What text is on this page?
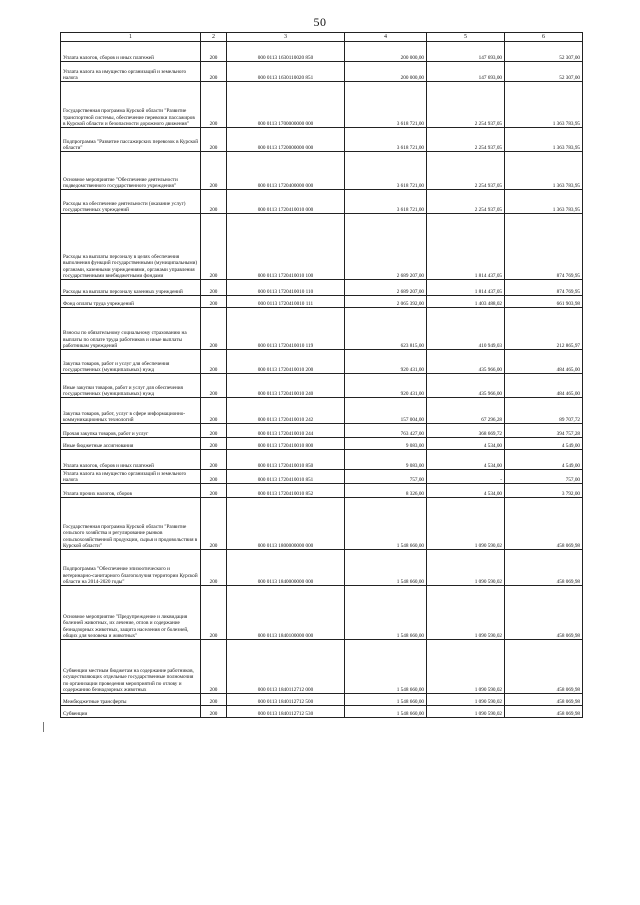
50
1	2	3	4	5	6
Уплата налогов, сборов и иных платежей	200	000 0113 1630110020 850	200 000,00	147 693,00	52 307,00
Уплата налога на имущество организаций и земельного налога	200	000 0113 1630110020 851	200 000,00	147 693,00	52 307,00
Государственная программа Курской области "Развитие транспортной системы, обеспечение перевозки пассажиров в Курской области и безопасности дорожного движения"	200	000 0113 1700000000 000	3 618 721,00	2 254 937,05	1 363 783,95
Подпрограмма "Развитие пассажирских перевозок в Курской области"	200	000 0113 1720000000 000	3 618 721,00	2 254 937,05	1 363 783,95
Основное мероприятие "Обеспечение деятельности подведомственного государственного учреждения"	200	000 0113 1720400000 000	3 618 721,00	2 254 937,05	1 363 783,95
Расходы на обеспечение деятельности (оказание услуг) государственных учреждений	200	000 0113 1720410010 000	3 618 721,00	2 254 937,05	1 363 783,95
Расходы на выплаты персоналу в целях обеспечения выполнения функций государственными (муниципальными) органами, казенными учреждениями, органами управления государственными внебюджетными фондами	200	000 0113 1720410010 100	2 689 207,00	1 814 437,05	874 769,95
Расходы на выплаты персоналу казенных учреждений	200	000 0113 1720410010 110	2 689 207,00	1 814 437,05	874 769,95
Фонд оплаты труда учреждений	200	000 0113 1720410010 111	2 065 392,00	1 403 488,02	661 903,98
Взносы по обязательному социальному страхованию на выплаты по оплате труда работников и иные выплаты работникам учреждений	200	000 0113 1720410010 119	623 815,00	410 949,03	212 865,97
Закупка товаров, работ и услуг для обеспечения государственных (муниципальных) нужд	200	000 0113 1720410010 200	920 431,00	435 966,00	484 465,00
Иные закупки товаров, работ и услуг для обеспечения государственных (муниципальных) нужд	200	000 0113 1720410010 240	920 431,00	435 966,00	484 465,00
Закупка товаров, работ, услуг в сфере информационно-коммуникационных технологий	200	000 0113 1720410010 242	157 004,00	67 296,28	89 707,72
Прочая закупка товаров, работ и услуг	200	000 0113 1720410010 244	763 427,00	368 669,72	394 757,28
Иные бюджетные ассигнования	200	000 0113 1720410010 800	9 083,00	4 534,00	4 549,00
Уплата налогов, сборов и иных платежей	200	000 0113 1720410010 850	9 083,00	4 534,00	4 549,00
Уплата налога на имущество организаций и земельного налога	200	000 0113 1720410010 851	757,00	-	757,00
Уплата прочих налогов, сборов	200	000 0113 1720410010 852	8 326,00	4 534,00	3 792,00
Государственная программа Курской области "Развитие сельского хозяйства и регулирование рынков сельскохозяйственной продукции, сырья и продовольствия в Курской области"	200	000 0113 1800000000 000	1 548 660,00	1 090 590,02	458 069,98
Подпрограмма "Обеспечение эпизоотического и ветеринарно-санитарного благополучия территории Курской области на 2014-2020 годы"	200	000 0113 1840000000 000	1 548 660,00	1 090 590,02	458 069,98
Основное мероприятие "Предупреждение и ликвидация болезней животных, их лечение, отлов и содержание безнадзорных животных, защита населения от болезней, общих для человека и животных"	200	000 0113 1840100000 000	1 548 660,00	1 090 590,02	458 069,98
Субвенции местным бюджетам на содержание работников, осуществляющих отдельные государственные полномочия по организации проведения мероприятий по отлову и содержанию безнадзорных животных	200	000 0113 1840112712 000	1 548 660,00	1 090 590,02	458 069,98
Межбюджетные трансферты	200	000 0113 1840112712 500	1 548 660,00	1 090 590,02	458 069,98
Субвенции	200	000 0113 1840112712 530	1 548 660,00	1 090 590,02	458 069,98
